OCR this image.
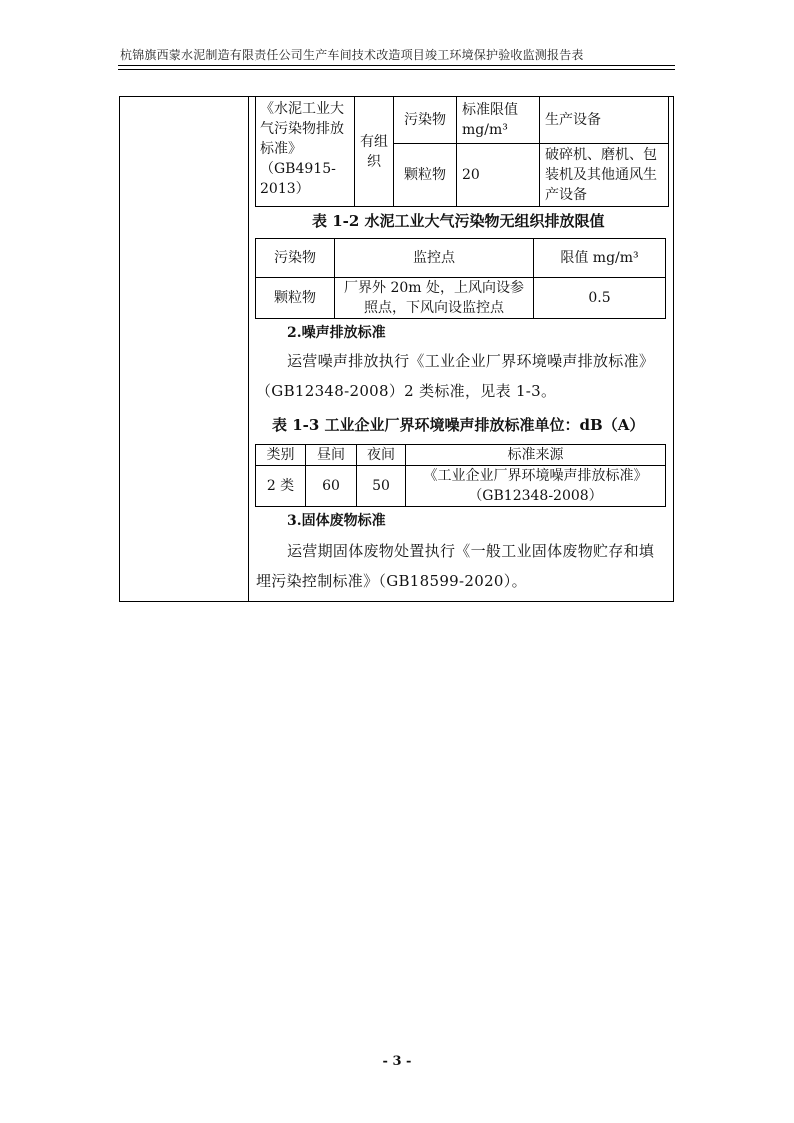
杭锦旗西蒙水泥制造有限责任公司生产车间技术改造项目竣工环境保护验收监测报告表
《水泥工业大气污染物排放标准》（GB4915-2013）	有组织	污染物	标准限值 mg/m³	生产设备
		颗粒物	20	破碎机、磨机、包装机及其他通风生产设备
表 1-2 水泥工业大气污染物无组织排放限值
污染物	监控点	限值 mg/m³
颗粒物	厂界外 20m 处，上风向设参照点，下风向设监控点	0.5
2.噪声排放标准
运营噪声排放执行《工业企业厂界环境噪声排放标准》
（GB12348-2008）2 类标准，见表 1-3。
表 1-3 工业企业厂界环境噪声排放标准单位：dB（A）
类别	昼间	夜间	标准来源
2 类	60	50	《工业企业厂界环境噪声排放标准》（GB12348-2008）
3.固体废物标准
运营期固体废物处置执行《一般工业固体废物贮存和填
埋污染控制标准》（GB18599-2020）。
- 3 -
